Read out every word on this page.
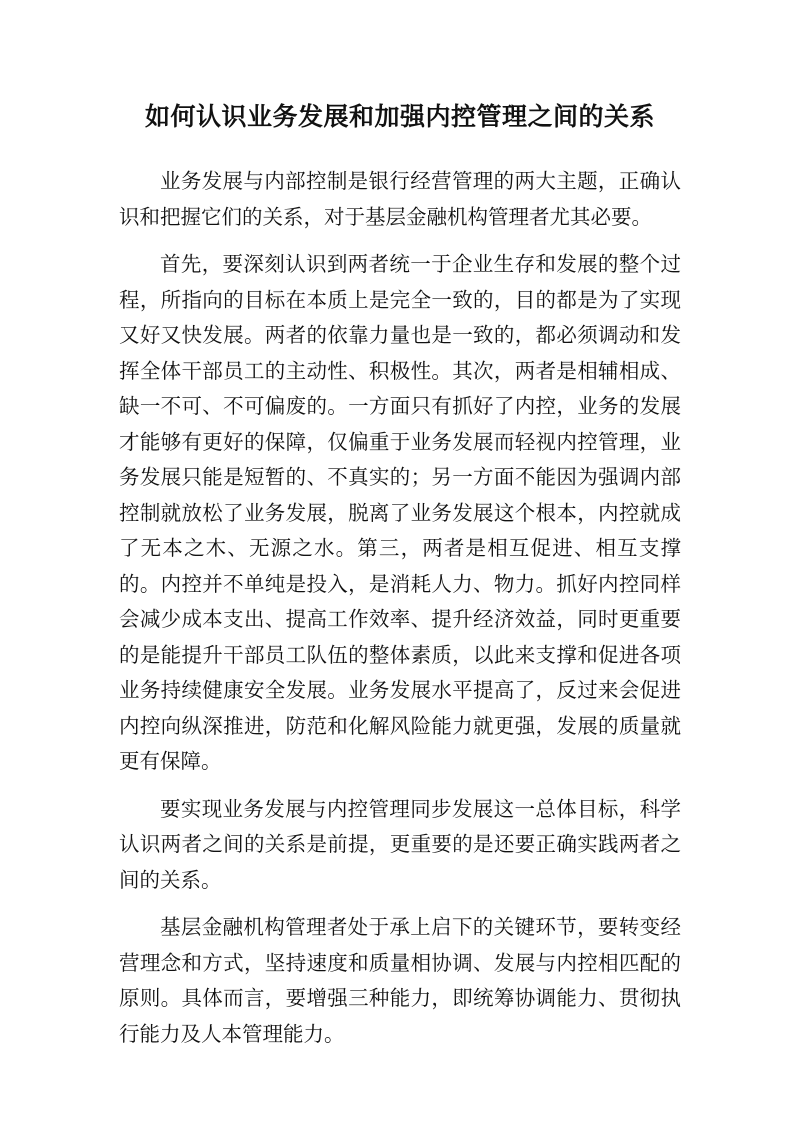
如何认识业务发展和加强内控管理之间的关系

业务发展与内部控制是银行经营管理的两大主题，正确认识和把握它们的关系，对于基层金融机构管理者尤其必要。

首先，要深刻认识到两者统一于企业生存和发展的整个过程，所指向的目标在本质上是完全一致的，目的都是为了实现又好又快发展。两者的依靠力量也是一致的，都必须调动和发挥全体干部员工的主动性、积极性。其次，两者是相辅相成、缺一不可、不可偏废的。一方面只有抓好了内控，业务的发展才能够有更好的保障，仅偏重于业务发展而轻视内控管理，业务发展只能是短暂的、不真实的；另一方面不能因为强调内部控制就放松了业务发展，脱离了业务发展这个根本，内控就成了无本之木、无源之水。第三，两者是相互促进、相互支撑的。内控并不单纯是投入，是消耗人力、物力。抓好内控同样会减少成本支出、提高工作效率、提升经济效益，同时更重要的是能提升干部员工队伍的整体素质，以此来支撑和促进各项业务持续健康安全发展。业务发展水平提高了，反过来会促进内控向纵深推进，防范和化解风险能力就更强，发展的质量就更有保障。

要实现业务发展与内控管理同步发展这一总体目标，科学认识两者之间的关系是前提，更重要的是还要正确实践两者之间的关系。

基层金融机构管理者处于承上启下的关键环节，要转变经营理念和方式，坚持速度和质量相协调、发展与内控相匹配的原则。具体而言，要增强三种能力，即统筹协调能力、贯彻执行能力及人本管理能力。
